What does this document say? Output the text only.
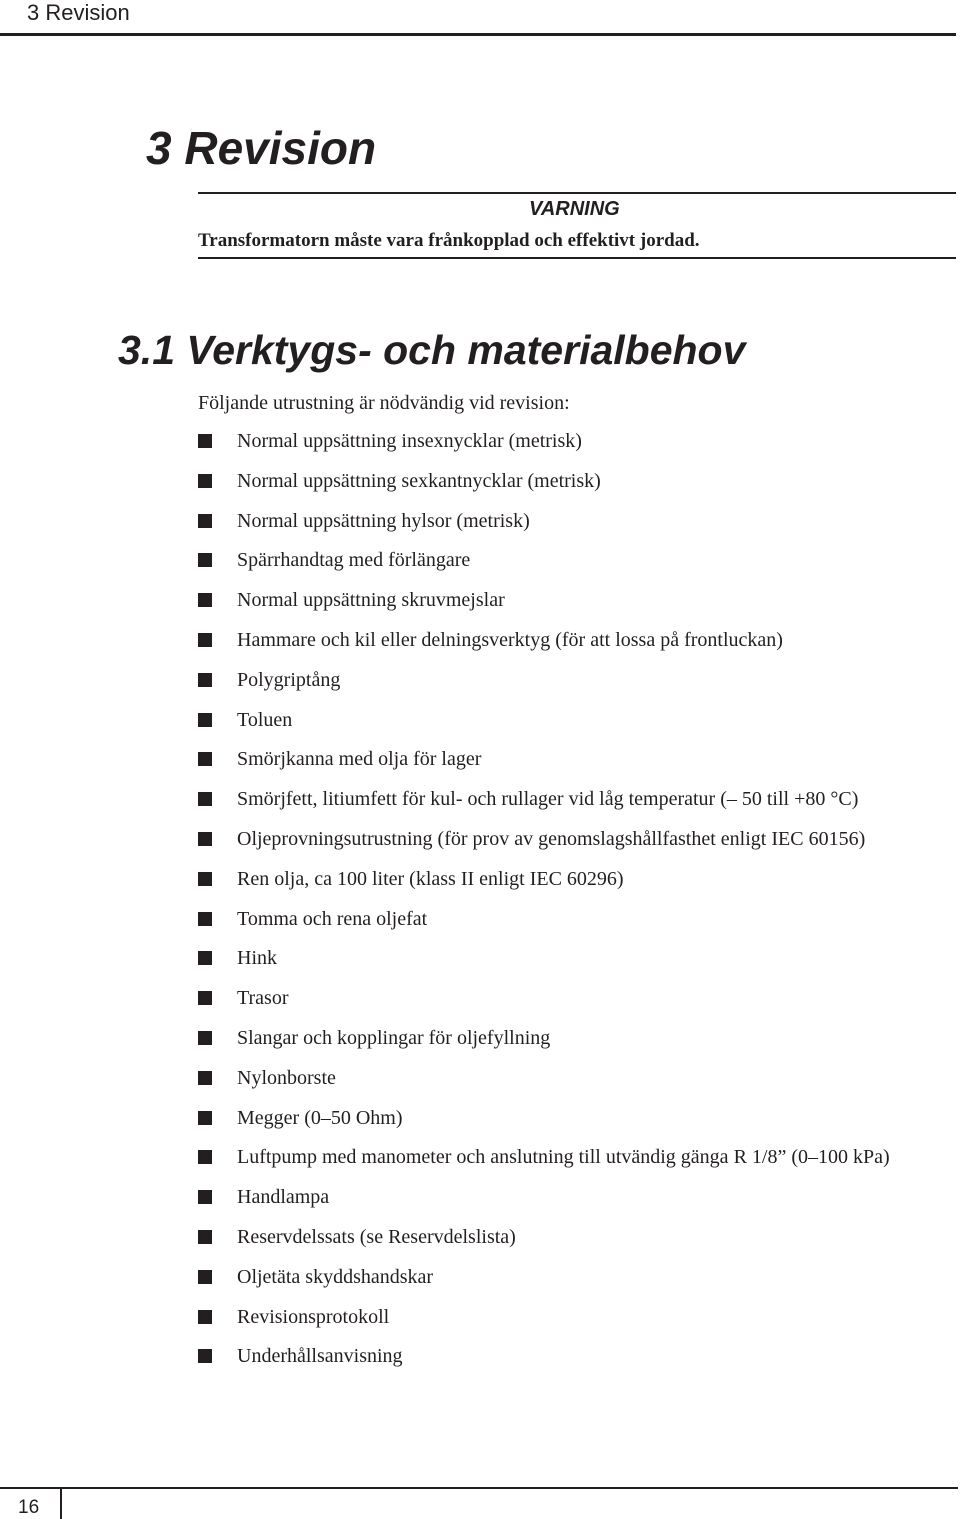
3 Revision
3 Revision
VARNING
Transformatorn måste vara frånkopplad och effektivt jordad.
3.1 Verktygs- och materialbehov

Följande utrustning är nödvändig vid revision:

Normal uppsättning insexnycklar (metrisk)
Normal uppsättning sexkantnycklar (metrisk)
Normal uppsättning hylsor (metrisk)
Spärrhandtag med förlängare
Normal uppsättning skruvmejslar
Hammare och kil eller delningsverktyg (för att lossa på frontluckan)
Polygriptång
Toluen
Smörjkanna med olja för lager
Smörjfett, litiumfett för kul- och rullager vid låg temperatur (– 50 till +80 °C)
Oljeprovningsutrustning (för prov av genomslagshållfasthet enligt IEC 60156)
Ren olja, ca 100 liter (klass II enligt IEC 60296)
Tomma och rena oljefat
Hink
Trasor
Slangar och kopplingar för oljefyllning
Nylonborste
Megger (0–50 Ohm)
Luftpump med manometer och anslutning till utvändig gänga R 1/8” (0–100 kPa)
Handlampa
Reservdelssats (se Reservdelslista)
Oljetäta skyddshandskar
Revisionsprotokoll
Underhållsanvisning
16
